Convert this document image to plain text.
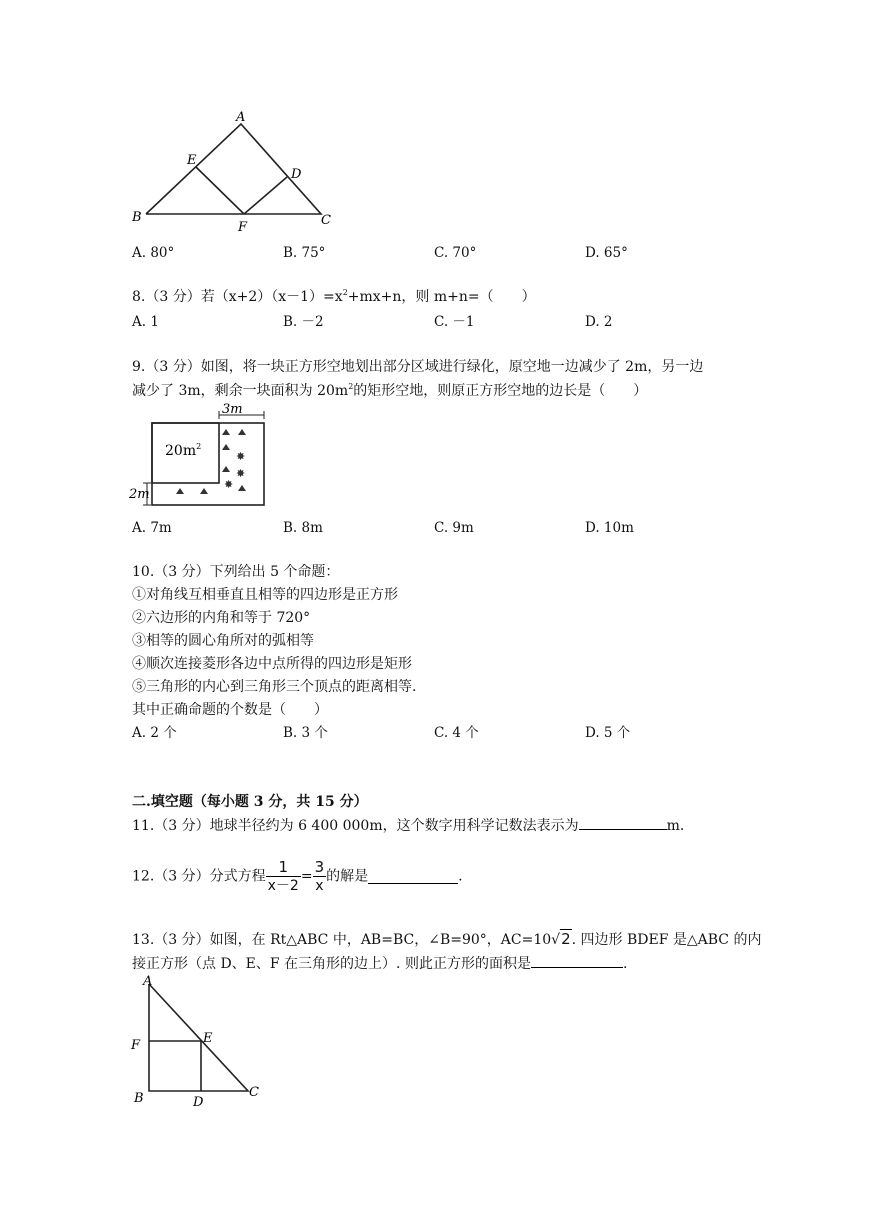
A
E
D
B	C
F
A. 80°	B. 75°	C. 70°	D. 65°
8.（3 分）若$(x+2)(x-1)=x^2+mx+n$，则 m+n=（　　）
A. 1	B. －2	C. －1	D. 2
9.（3 分）如图，将一块正方形空地划出部分区域进行绿化，原空地一边减少了 2m，另一边
减少了 3m，剩余一块面积为 $20m^2$的矩形空地，则原正方形空地的边长是（　　）
3m
2m
$20m^2$
✸
✸
✸
A. 7m	B. 8m	C. 9m	D. 10m
10.（3 分）下列给出 5 个命题：
①对角线互相垂直且相等的四边形是正方形
②六边形的内角和等于 720°
③相等的圆心角所对的弧相等
④顺次连接菱形各边中点所得的四边形是矩形
⑤三角形的内心到三角形三个顶点的距离相等.
其中正确命题的个数是（　　）
A. 2 个	B. 3 个	C. 4 个	D. 5 个
二.填空题（每小题 3 分，共 15 分）
11.（3 分）地球半径约为 6 400 000m，这个数字用科学记数法表示为	m.
12.（3 分）分式方程 $\frac{1}{x-2} = \frac{3}{x}$ 的解是	.
13.（3 分）如图，在 Rt△ABC 中，AB=BC，∠B=90°，AC=10√2. 四边形 BDEF 是△ABC 的内
接正方形（点 D、E、F 在三角形的边上）. 则此正方形的面积是	.
A
F	E
B	D
C
